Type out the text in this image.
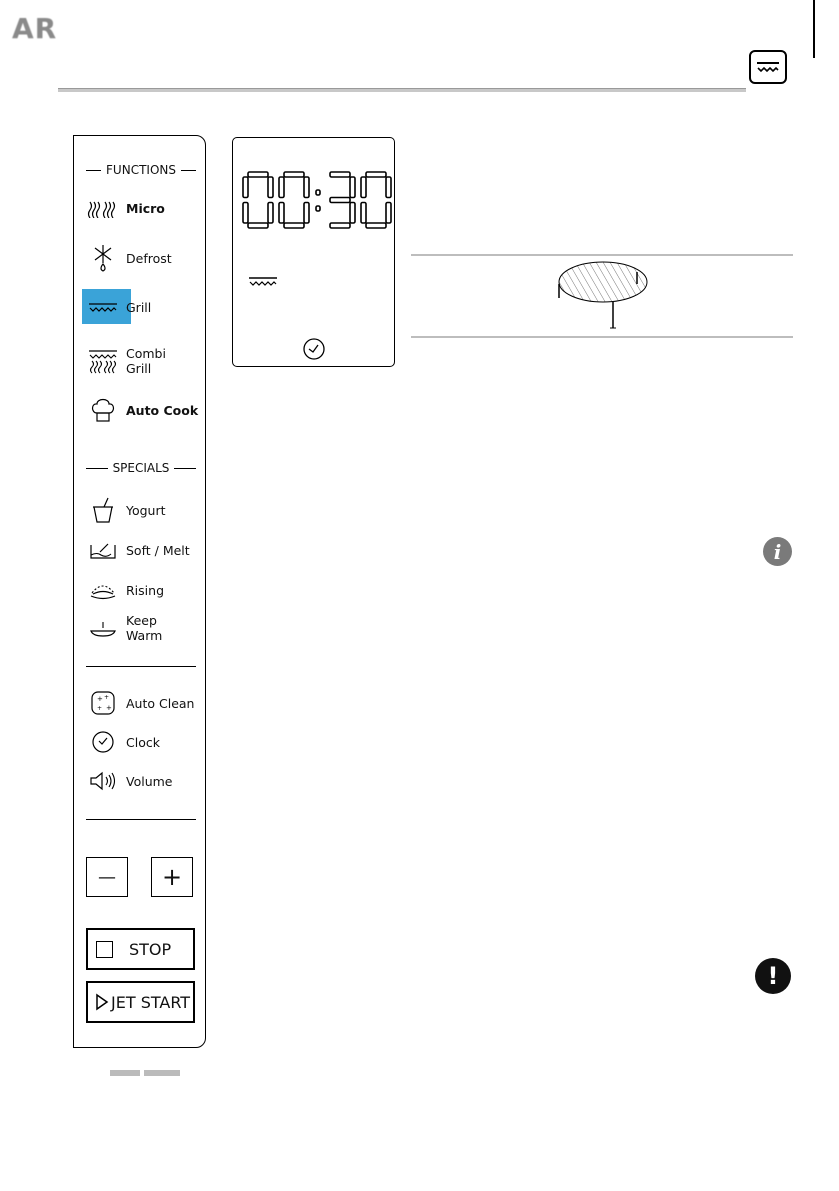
AR
FUNCTIONS
Micro
Defrost
Grill
Combi
Grill
Auto Cook
SPECIALS
Yogurt
Soft / Melt
Rising
Keep
Warm
+ +
+
+ Auto Clean
Clock
Volume
— +
STOP
JET START
i
!
